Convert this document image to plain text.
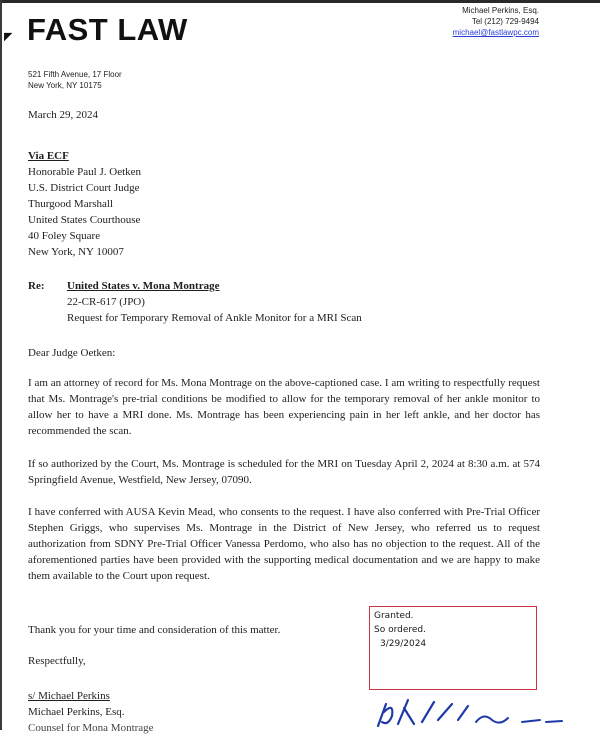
◤ FAST LAW
Michael Perkins, Esq.
Tel (212) 729-9494
michael@fastlawpc.com
521 Fifth Avenue, 17 Floor
New York, NY 10175
March 29, 2024
Via ECF
Honorable Paul J. Oetken
U.S. District Court Judge
Thurgood Marshall
United States Courthouse
40 Foley Square
New York, NY 10007
Re: United States v. Mona Montrage
22-CR-617 (JPO)
Request for Temporary Removal of Ankle Monitor for a MRI Scan
Dear Judge Oetken:
I am an attorney of record for Ms. Mona Montrage on the above-captioned case. I am writing to respectfully request that Ms. Montrage's pre-trial conditions be modified to allow for the temporary removal of her ankle monitor to allow her to have a MRI done. Ms. Montrage has been experiencing pain in her left ankle, and her doctor has recommended the scan.
If so authorized by the Court, Ms. Montrage is scheduled for the MRI on Tuesday April 2, 2024 at 8:30 a.m. at 574 Springfield Avenue, Westfield, New Jersey, 07090.
I have conferred with AUSA Kevin Mead, who consents to the request. I have also conferred with Pre-Trial Officer Stephen Griggs, who supervises Ms. Montrage in the District of New Jersey, who referred us to request authorization from SDNY Pre-Trial Officer Vanessa Perdomo, who also has no objection to the request. All of the aforementioned parties have been provided with the supporting medical documentation and we are happy to make them available to the Court upon request.
Thank you for your time and consideration of this matter.
Granted.
So ordered.
3/29/2024
Respectfully,
s/ Michael Perkins
Michael Perkins, Esq.
Counsel for Mona Montrage
